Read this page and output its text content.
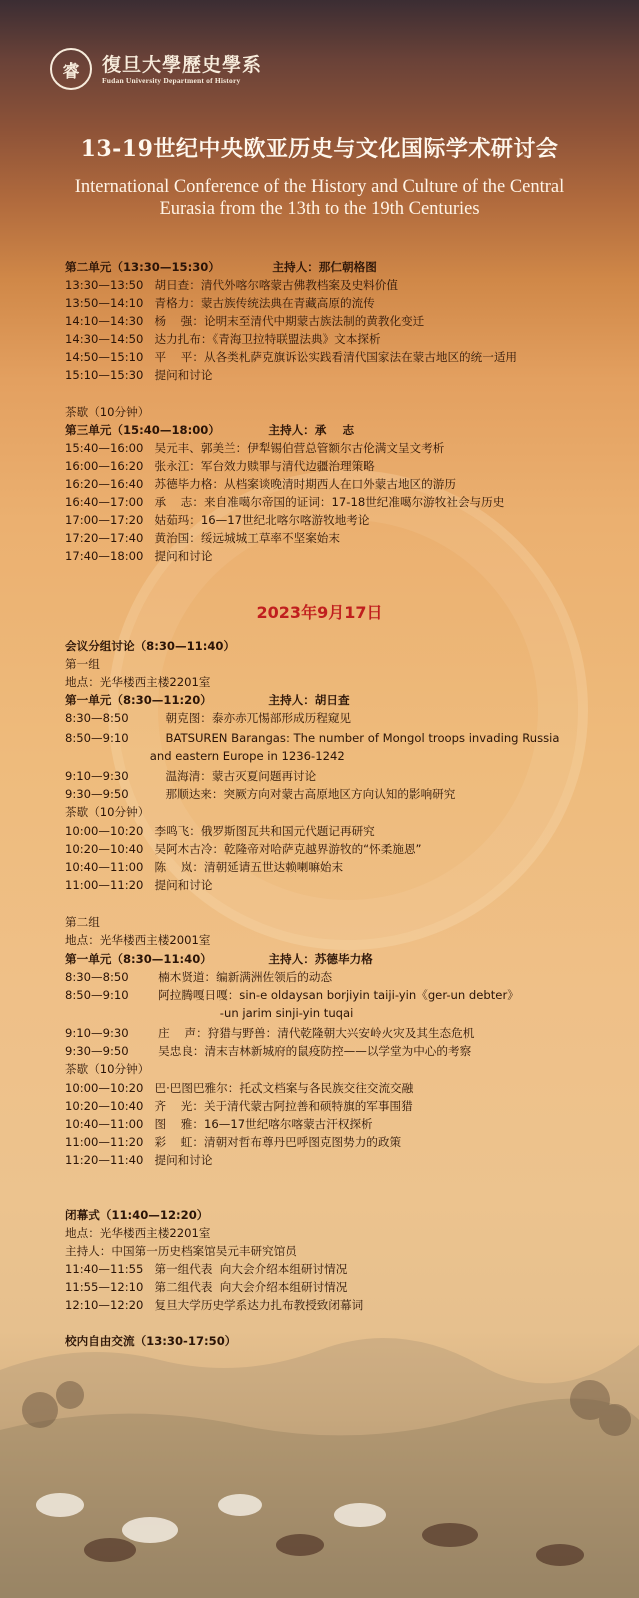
睿	復旦大學歷史學系
Fudan University Department of History
13-19世纪中央欧亚历史与文化国际学术研讨会
International Conference of the History and Culture of the Central
Eurasia from the 13th to the 19th Centuries
2023年9月17日
第二单元（13:30—15:30）             主持人：那仁朝格图
13:30—13:50   胡日查：清代外喀尔喀蒙古佛教档案及史料价值
13:50—14:10   青格力：蒙古族传统法典在青藏高原的流传
14:10—14:30   杨    强：论明末至清代中期蒙古族法制的黄教化变迁
14:30—14:50   达力扎布：《青海卫拉特联盟法典》文本探析
14:50—15:10   平    平：从各类札萨克旗诉讼实践看清代国家法在蒙古地区的统一适用
15:10—15:30   提问和讨论
茶歇（10分钟）
第三单元（15:40—18:00）            主持人：承    志
15:40—16:00   吴元丰、郭美兰：伊犁锡伯营总管额尔古伦满文呈文考析
16:00—16:20   张永江：军台效力赎罪与清代边疆治理策略
16:20—16:40   苏德毕力格：从档案谈晚清时期西人在口外蒙古地区的游历
16:40—17:00   承    志：来自准噶尔帝国的证词：17-18世纪准噶尔游牧社会与历史
17:00—17:20   姑茹玛：16—17世纪北喀尔喀游牧地考论
17:20—17:40   黄治国：绥远城城工草率不坚案始末
17:40—18:00   提问和讨论
会议分组讨论（8:30—11:40）
第一组
地点：光华楼西主楼2201室
第一单元（8:30—11:20）              主持人：胡日查
8:30—8:50          朝克图：泰亦赤兀惕部形成历程窥见
8:50—9:10          BATSUREN Barangas: The number of Mongol troops invading Russia
and eastern Europe in 1236-1242
9:10—9:30          温海清：蒙古灭夏问题再讨论
9:30—9:50          那顺达来：突厥方向对蒙古高原地区方向认知的影响研究
茶歇（10分钟）
10:00—10:20   李鸣飞：俄罗斯图瓦共和国元代题记再研究
10:20—10:40   吴阿木古冷：乾隆帝对哈萨克越界游牧的“怀柔施恩”
10:40—11:00   陈    岚：清朝延请五世达赖喇嘛始末
11:00—11:20   提问和讨论
第二组
地点：光华楼西主楼2001室
第一单元（8:30—11:40）              主持人：苏德毕力格
8:30—8:50        楠木贤道：编新满洲佐领后的动态
8:50—9:10        阿拉腾嘎日嘎：sin-e oldaysan borjiyin taiji-yin《ger-un debter》
-un jarim sinji-yin tuqai
9:10—9:30        庄    声：狩猎与野兽：清代乾隆朝大兴安岭火灾及其生态危机
9:30—9:50        吴忠良：清末吉林新城府的鼠疫防控——以学堂为中心的考察
茶歇（10分钟）
10:00—10:20   巴·巴图巴雅尔：托忒文档案与各民族交往交流交融
10:20—10:40   齐    光：关于清代蒙古阿拉善和硕特旗的军事围猎
10:40—11:00   图    雅：16—17世纪喀尔喀蒙古汗权探析
11:00—11:20   彩    虹：清朝对哲布尊丹巴呼图克图势力的政策
11:20—11:40   提问和讨论
闭幕式（11:40—12:20）
地点：光华楼西主楼2201室
主持人：中国第一历史档案馆吴元丰研究馆员
11:40—11:55   第一组代表  向大会介绍本组研讨情况
11:55—12:10   第二组代表  向大会介绍本组研讨情况
12:10—12:20   复旦大学历史学系达力扎布教授致闭幕词
校内自由交流（13:30-17:50）
